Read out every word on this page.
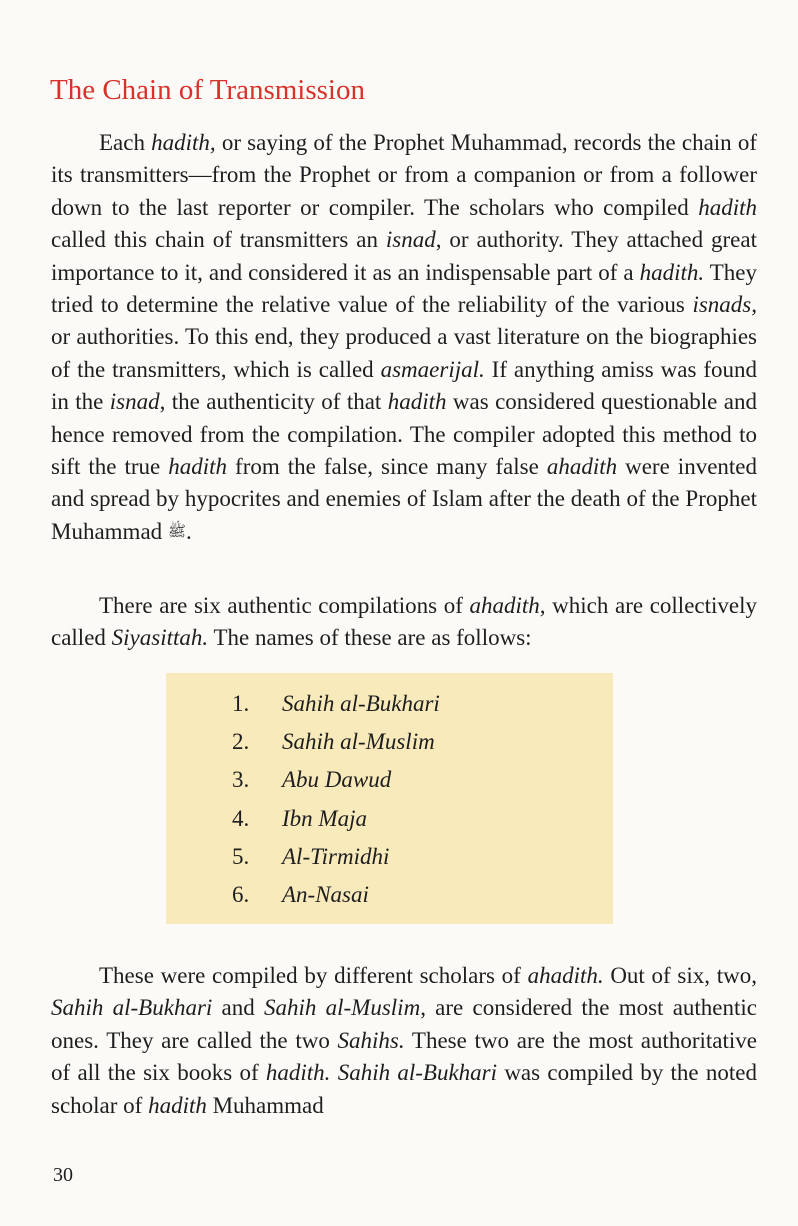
The Chain of Transmission

Each hadith, or saying of the Prophet Muhammad, records the chain of its transmitters—from the Prophet or from a companion or from a follower down to the last reporter or compiler. The scholars who compiled hadith called this chain of transmitters an isnad, or authority. They attached great importance to it, and considered it as an indispensable part of a hadith. They tried to determine the relative value of the reliability of the various isnads, or authorities. To this end, they produced a vast literature on the biographies of the transmitters, which is called asmaerijal. If anything amiss was found in the isnad, the authenticity of that hadith was considered questionable and hence removed from the compilation. The compiler adopted this method to sift the true hadith from the false, since many false ahadith were invented and spread by hypocrites and enemies of Islam after the death of the Prophet Muhammad ﷺ.

There are six authentic compilations of ahadith, which are collectively called Siyasittah. The names of these are as follows:

1. Sahih al-Bukhari
2. Sahih al-Muslim
3. Abu Dawud
4. Ibn Maja
5. Al-Tirmidhi
6. An-Nasai

These were compiled by different scholars of ahadith. Out of six, two, Sahih al-Bukhari and Sahih al-Muslim, are considered the most authentic ones. They are called the two Sahihs. These two are the most authoritative of all the six books of hadith. Sahih al-Bukhari was compiled by the noted scholar of hadith Muhammad

30
